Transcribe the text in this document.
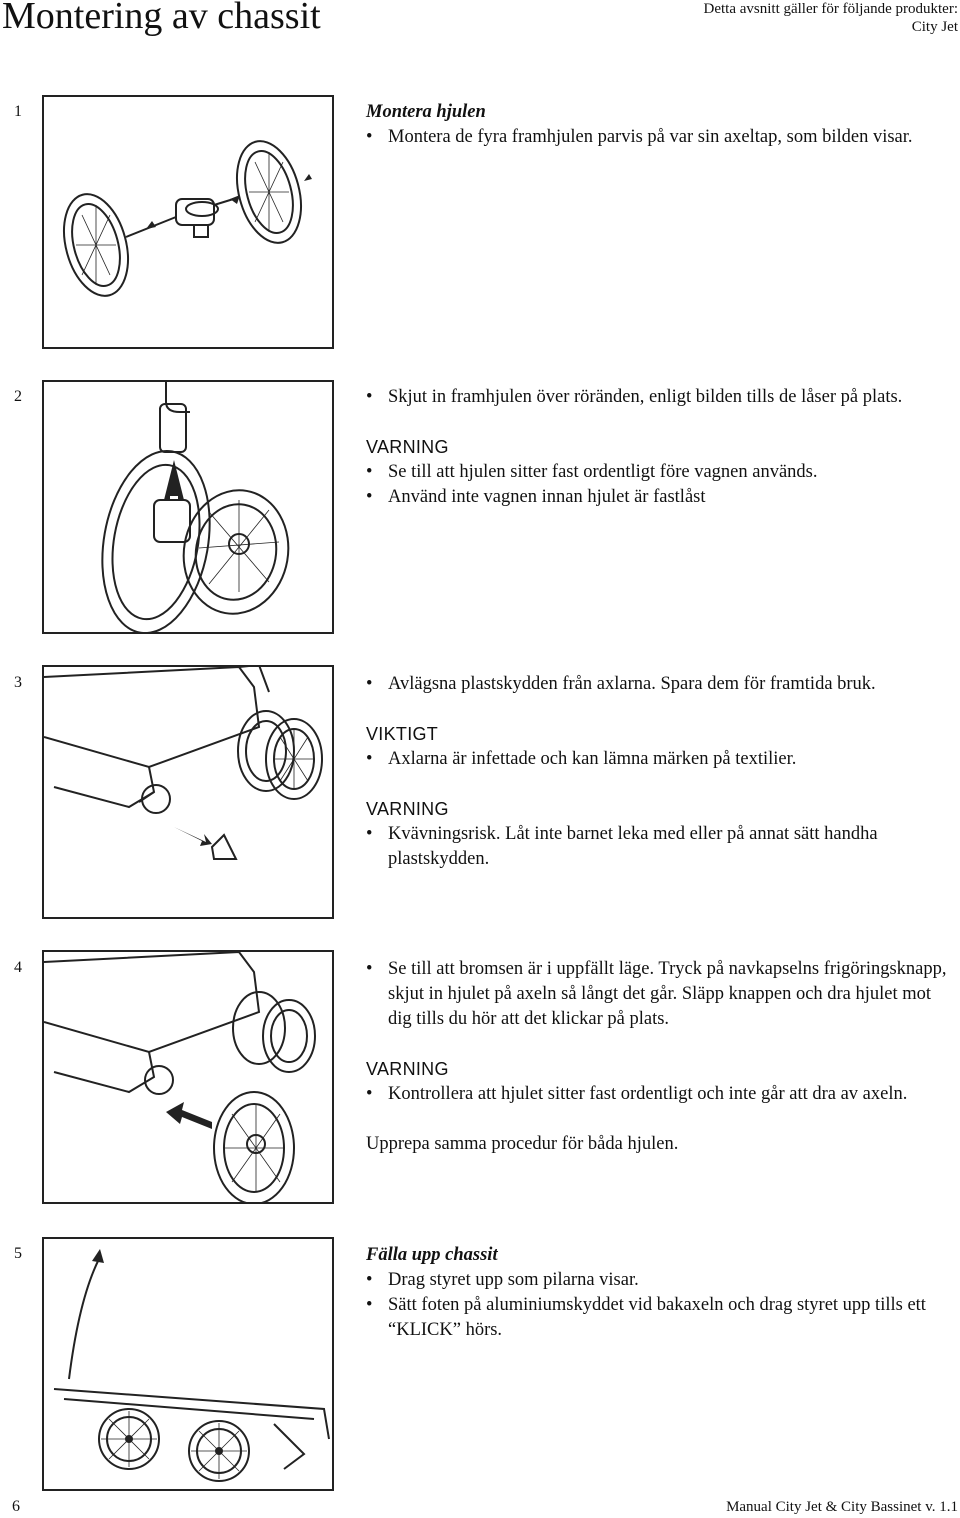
Montering av chassit	Detta avsnitt gäller för följande produkter:
City Jet
1	Montera hjulen
• Montera de fyra framhjulen parvis på var sin axeltap, som bilden visar.
2	• Skjut in framhjulen över röränden, enligt bilden tills de låser på plats.
VARNING
• Se till att hjulen sitter fast ordentligt före vagnen används.
• Använd inte vagnen innan hjulet är fastlåst
3	• Avlägsna plastskydden från axlarna. Spara dem för framtida bruk.
VIKTIGT
• Axlarna är infettade och kan lämna märken på textilier.
VARNING
• Kvävningsrisk. Låt inte barnet leka med eller på annat sätt handha plastskydden.
4	• Se till att bromsen är i uppfällt läge. Tryck på navkapselns frigöringsknapp, skjut in hjulet på axeln så långt det går. Släpp knappen och dra hjulet mot dig tills du hör att det klickar på plats.
VARNING
• Kontrollera att hjulet sitter fast ordentligt och inte går att dra av axeln.
Upprepa samma procedur för båda hjulen.
5	Fälla upp chassit
• Drag styret upp som pilarna visar.
• Sätt foten på aluminiumskyddet vid bakaxeln och drag styret upp tills ett “KLICK” hörs.
6	Manual City Jet & City Bassinet v. 1.1
